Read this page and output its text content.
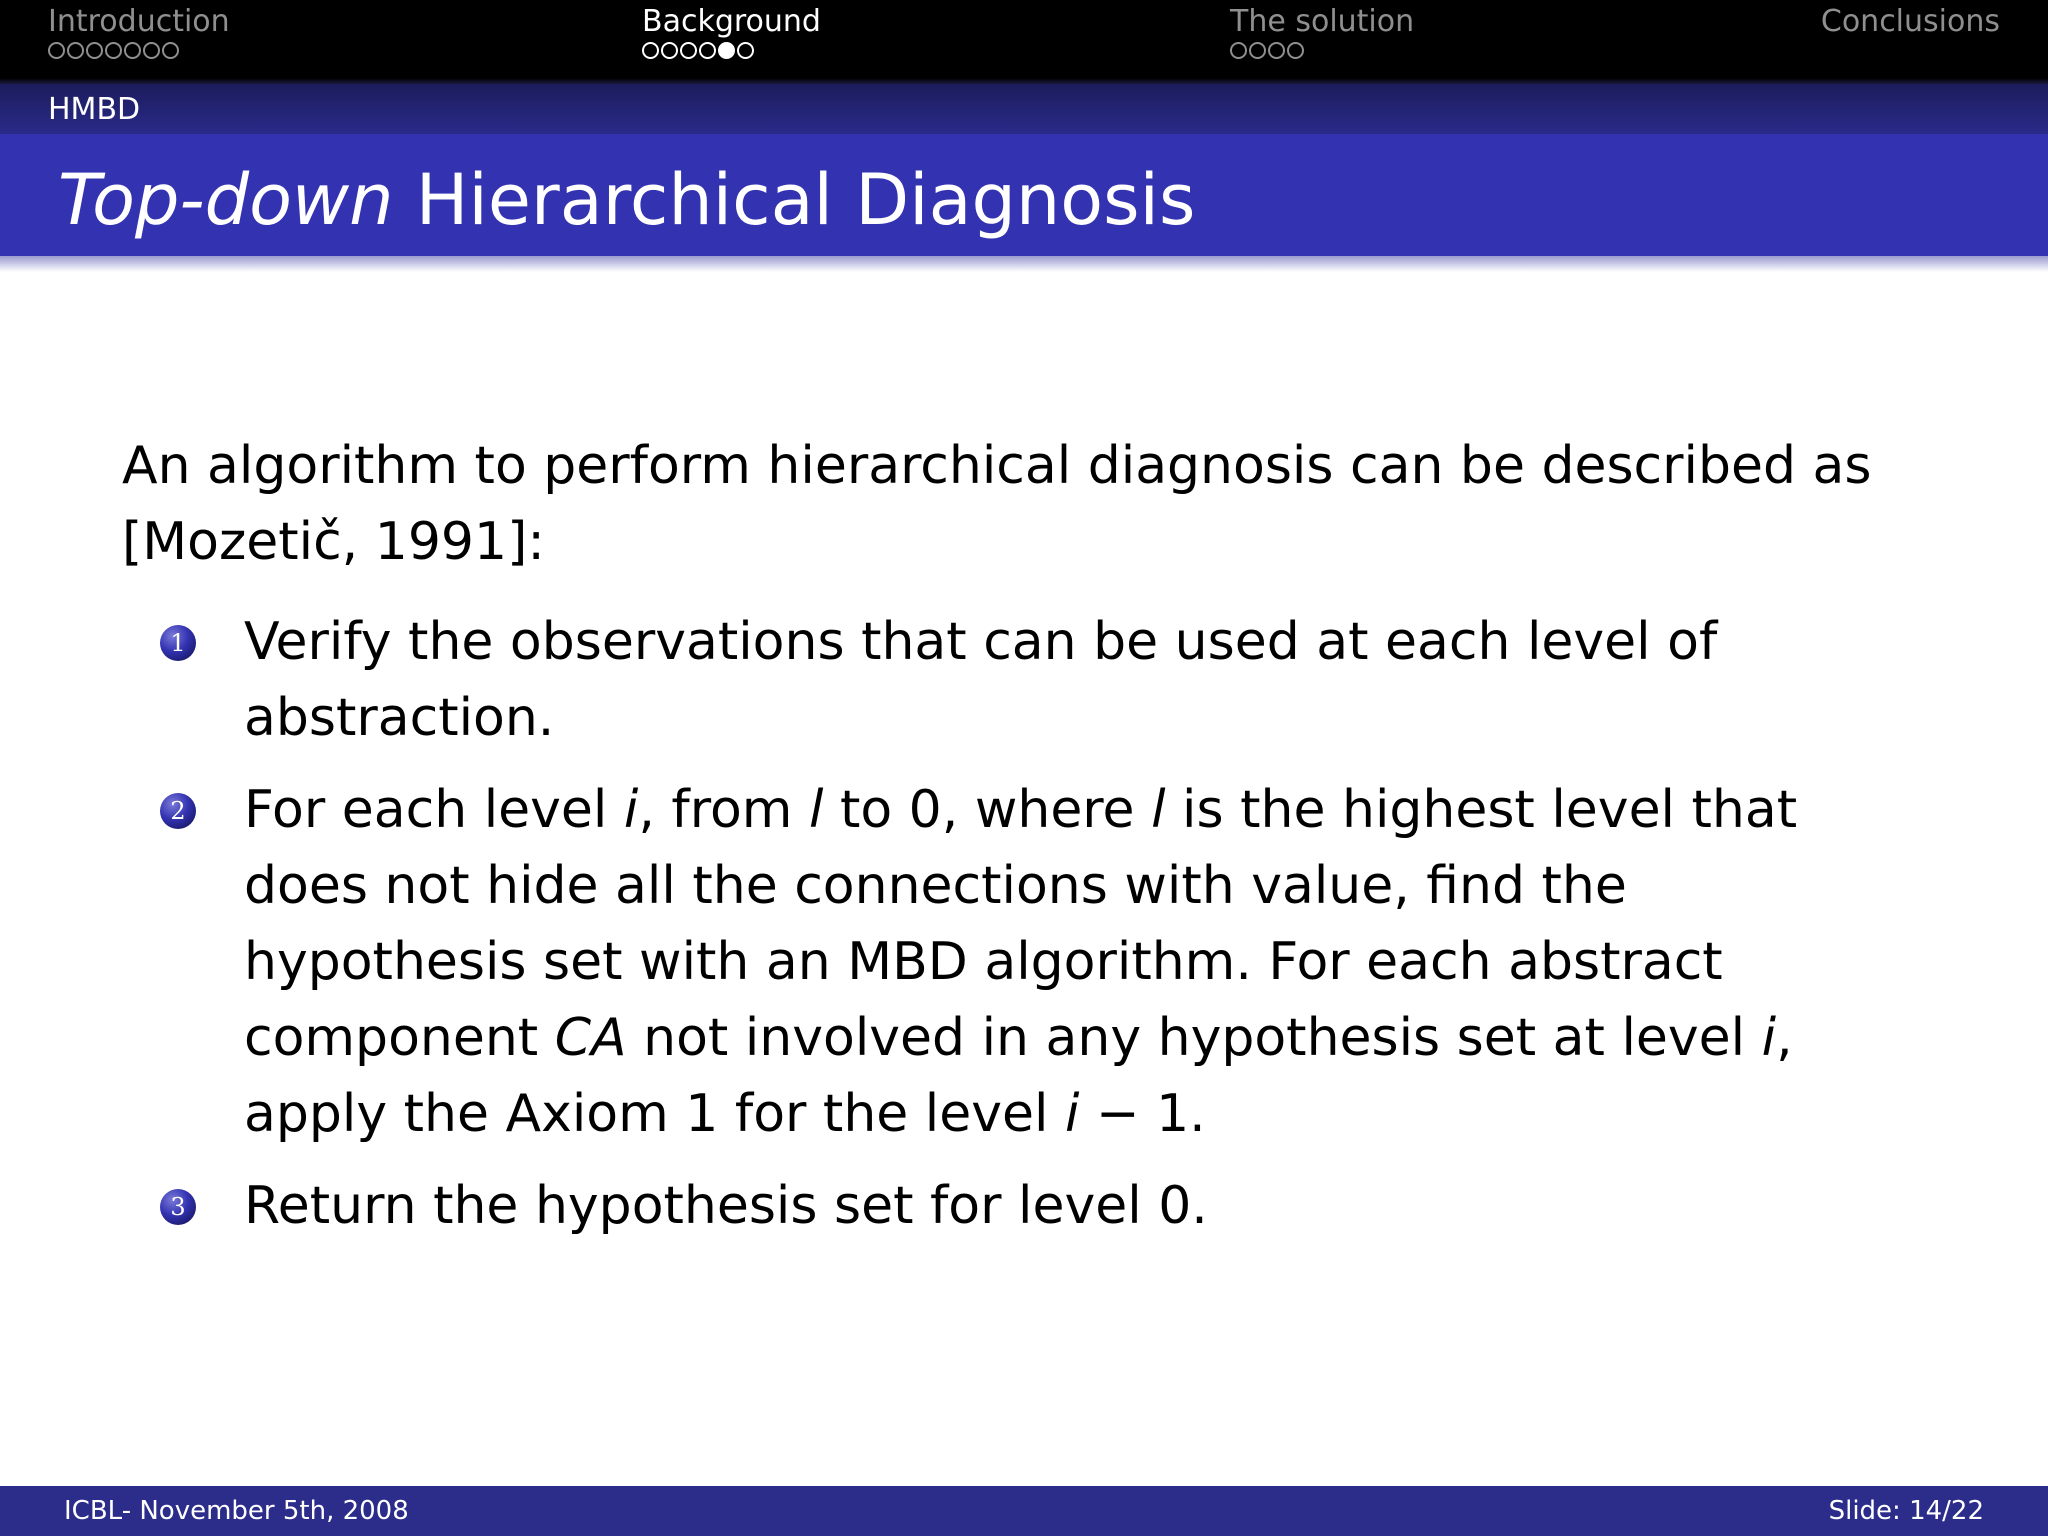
Introduction	Background	The solution	Conclusions
HMBD
Top-down Hierarchical Diagnosis

An algorithm to perform hierarchical diagnosis can be described as [Mozetič, 1991]:

1 Verify the observations that can be used at each level of abstraction.
2 For each level i, from l to 0, where l is the highest level that does not hide all the connections with value, find the hypothesis set with an MBD algorithm. For each abstract component CA not involved in any hypothesis set at level i, apply the Axiom 1 for the level i − 1.
3 Return the hypothesis set for level 0.
ICBL- November 5th, 2008	Slide: 14/22
